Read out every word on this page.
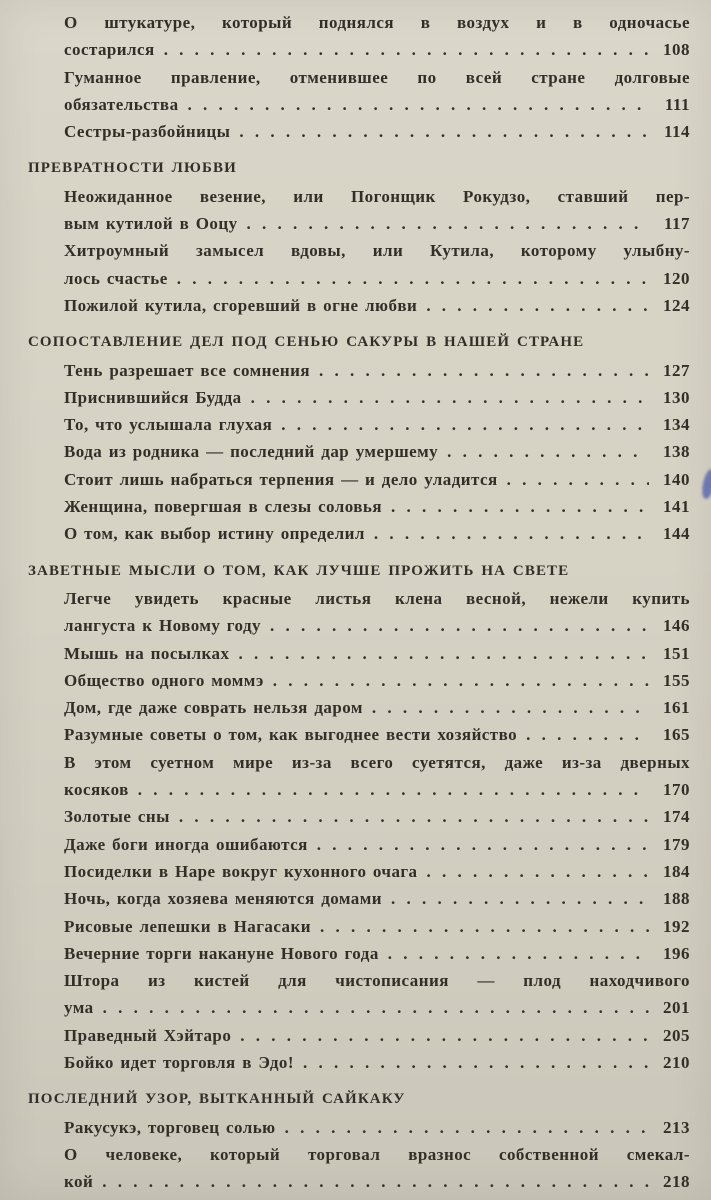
О штукатуре, который поднялся в воздух и в одночасье
состарился . . .	108
Гуманное правление, отменившее по всей стране долговые
обязательства . . .	111
Сестры-разбойницы . . .	114
ПРЕВРАТНОСТИ ЛЮБВИ
Неожиданное везение, или Погонщик Рокудзо, ставший пер-
вым кутилой в Ооцу . . .	117
Хитроумный замысел вдовы, или Кутила, которому улыбну-
лось счастье . . .	120
Пожилой кутила, сгоревший в огне любви . . .	124
СОПОСТАВЛЕНИЕ ДЕЛ ПОД СЕНЬЮ САКУРЫ В НАШЕЙ СТРАНЕ
Тень разрешает все сомнения . . .	127
Приснившийся Будда . . .	130
То, что услышала глухая . . .	134
Вода из родника — последний дар умершему . . .	138
Стоит лишь набраться терпения — и дело уладится . . .	140
Женщина, повергшая в слезы соловья . . .	141
О том, как выбор истину определил . . .	144
ЗАВЕТНЫЕ МЫСЛИ О ТОМ, КАК ЛУЧШЕ ПРОЖИТЬ НА СВЕТЕ
Легче увидеть красные листья клена весной, нежели купить
лангуста к Новому году . . .	146
Мышь на посылках . . .	151
Общество одного моммэ . . .	155
Дом, где даже соврать нельзя даром . . .	161
Разумные советы о том, как выгоднее вести хозяйство . . .	165
В этом суетном мире из-за всего суетятся, даже из-за дверных
косяков . . .	170
Золотые сны . . .	174
Даже боги иногда ошибаются . . .	179
Посиделки в Наре вокруг кухонного очага . . .	184
Ночь, когда хозяева меняются домами . . .	188
Рисовые лепешки в Нагасаки . . .	192
Вечерние торги накануне Нового года . . .	196
Штора из кистей для чистописания — плод находчивого
ума . . .	201
Праведный Хэйтаро . . .	205
Бойко идет торговля в Эдо! . . .	210
ПОСЛЕДНИЙ УЗОР, ВЫТКАННЫЙ САЙКАКУ
Ракусукэ, торговец солью . . .	213
О человеке, который торговал вразнос собственной смекал-
кой . . .	218
